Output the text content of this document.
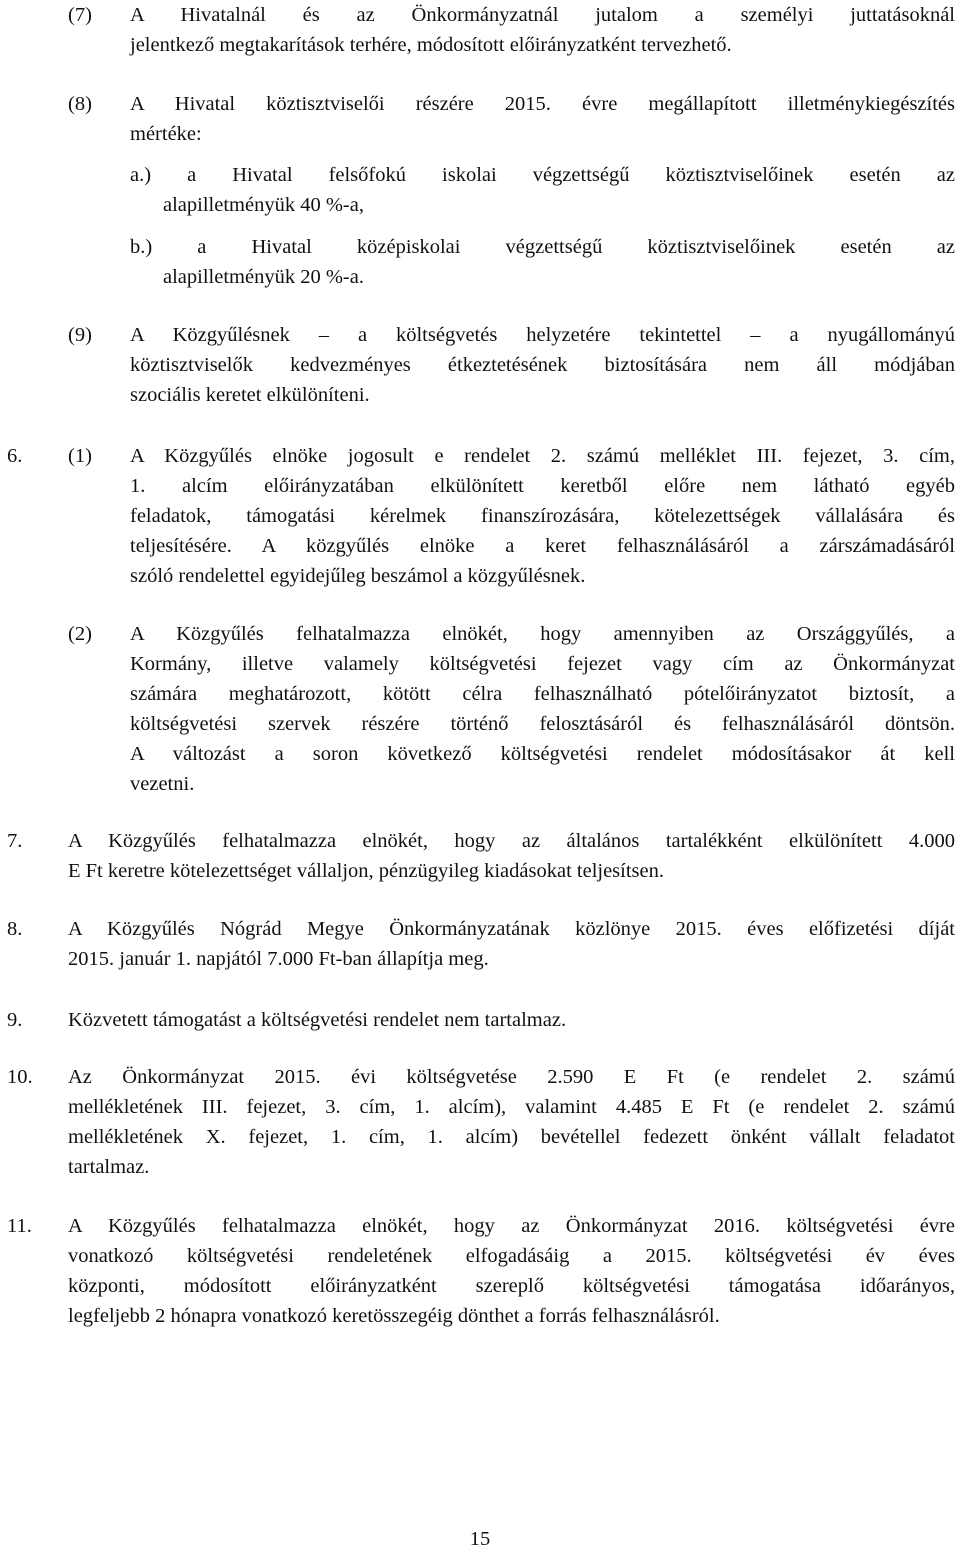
(7) A Hivatalnál és az Önkormányzatnál jutalom a személyi juttatásoknál
jelentkező megtakarítások terhére, módosított előirányzatként tervezhető.
(8) A Hivatal köztisztviselői részére 2015. évre megállapított illetménykiegészítés
mértéke:
a.) a Hivatal felsőfokú iskolai végzettségű köztisztviselőinek esetén az
alapilletményük 40 %-a,
b.) a Hivatal középiskolai végzettségű köztisztviselőinek esetén az
alapilletményük 20 %-a.
(9) A Közgyűlésnek – a költségvetés helyzetére tekintettel – a nyugállományú
köztisztviselők kedvezményes étkeztetésének biztosítására nem áll módjában
szociális keretet elkülöníteni.
6. (1) A Közgyűlés elnöke jogosult e rendelet 2. számú melléklet III. fejezet, 3. cím,
1. alcím előirányzatában elkülönített keretből előre nem látható egyéb
feladatok, támogatási kérelmek finanszírozására, kötelezettségek vállalására és
teljesítésére. A közgyűlés elnöke a keret felhasználásáról a zárszámadásáról
szóló rendelettel egyidejűleg beszámol a közgyűlésnek.
(2) A Közgyűlés felhatalmazza elnökét, hogy amennyiben az Országgyűlés, a
Kormány, illetve valamely költségvetési fejezet vagy cím az Önkormányzat
számára meghatározott, kötött célra felhasználható pótelőirányzatot biztosít, a
költségvetési szervek részére történő felosztásáról és felhasználásáról döntsön.
A változást a soron következő költségvetési rendelet módosításakor át kell
vezetni.
7. A Közgyűlés felhatalmazza elnökét, hogy az általános tartalékként elkülönített 4.000
E Ft keretre kötelezettséget vállaljon, pénzügyileg kiadásokat teljesítsen.
8. A Közgyűlés Nógrád Megye Önkormányzatának közlönye 2015. éves előfizetési díját
2015. január 1. napjától 7.000 Ft-ban állapítja meg.
9. Közvetett támogatást a költségvetési rendelet nem tartalmaz.
10. Az Önkormányzat 2015. évi költségvetése 2.590 E Ft (e rendelet 2. számú
mellékletének III. fejezet, 3. cím, 1. alcím), valamint 4.485 E Ft (e rendelet 2. számú
mellékletének X. fejezet, 1. cím, 1. alcím) bevétellel fedezett önként vállalt feladatot
tartalmaz.
11. A Közgyűlés felhatalmazza elnökét, hogy az Önkormányzat 2016. költségvetési évre
vonatkozó költségvetési rendeletének elfogadásáig a 2015. költségvetési év éves
központi, módosított előirányzatként szereplő költségvetési támogatása időarányos,
legfeljebb 2 hónapra vonatkozó keretösszegéig dönthet a forrás felhasználásról.
15
